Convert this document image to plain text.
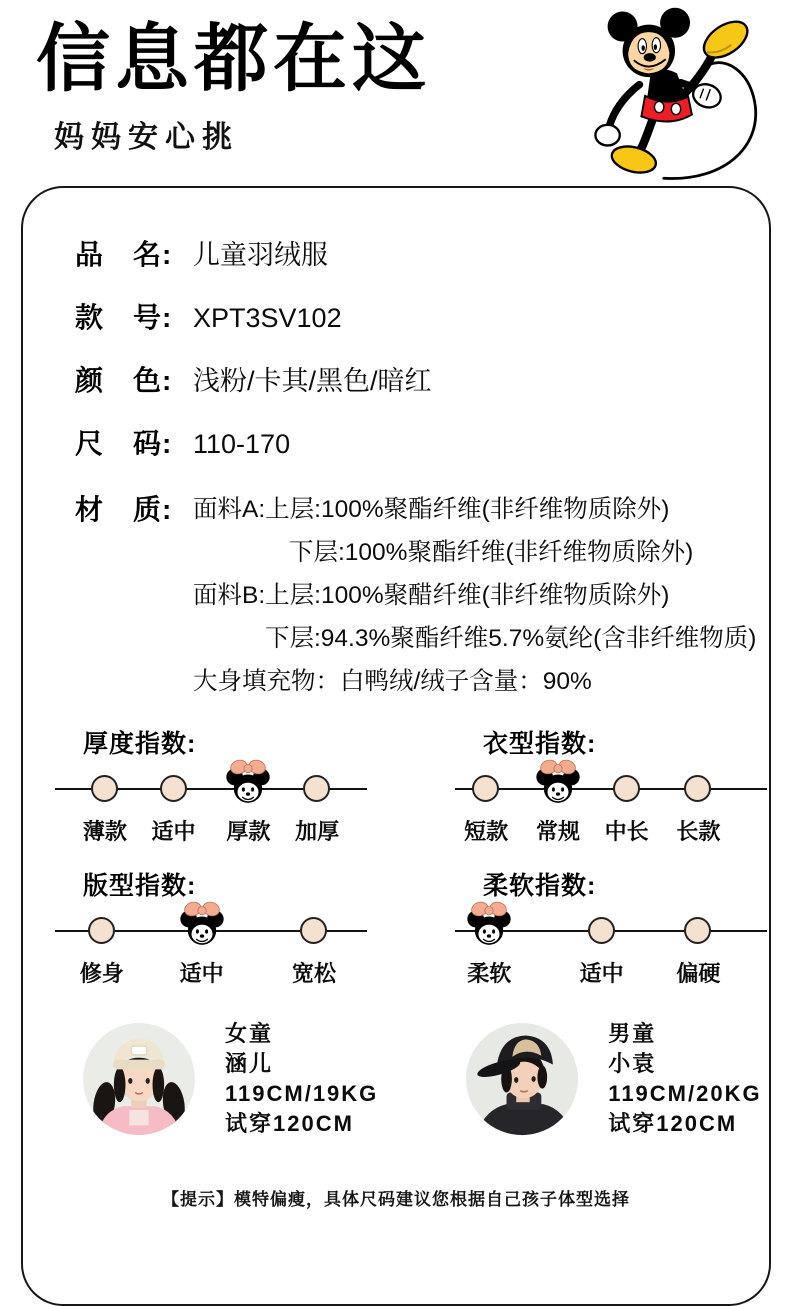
信息都在这
妈妈安心挑
品　名: 儿童羽绒服
款　号: XPT3SV102
颜　色: 浅粉/卡其/黑色/暗红
尺　码: 110-170
材　质: 面料A:上层:100%聚酯纤维(非纤维物质除外)
下层:100%聚酯纤维(非纤维物质除外)
面料B:上层:100%聚醋纤维(非纤维物质除外)
下层:94.3%聚酯纤维5.7%氨纶(含非纤维物质)
大身填充物：白鸭绒/绒子含量：90%
厚度指数:
薄款 适中 厚款 加厚
衣型指数:
短款 常规 中长 长款
版型指数:
修身	适中	宽松
柔软指数:
柔软	适中 偏硬
女童
涵儿
119CM/19KG
试穿120CM
男童
小袁
119CM/20KG
试穿120CM
【提示】模特偏瘦，具体尺码建议您根据自己孩子体型选择
